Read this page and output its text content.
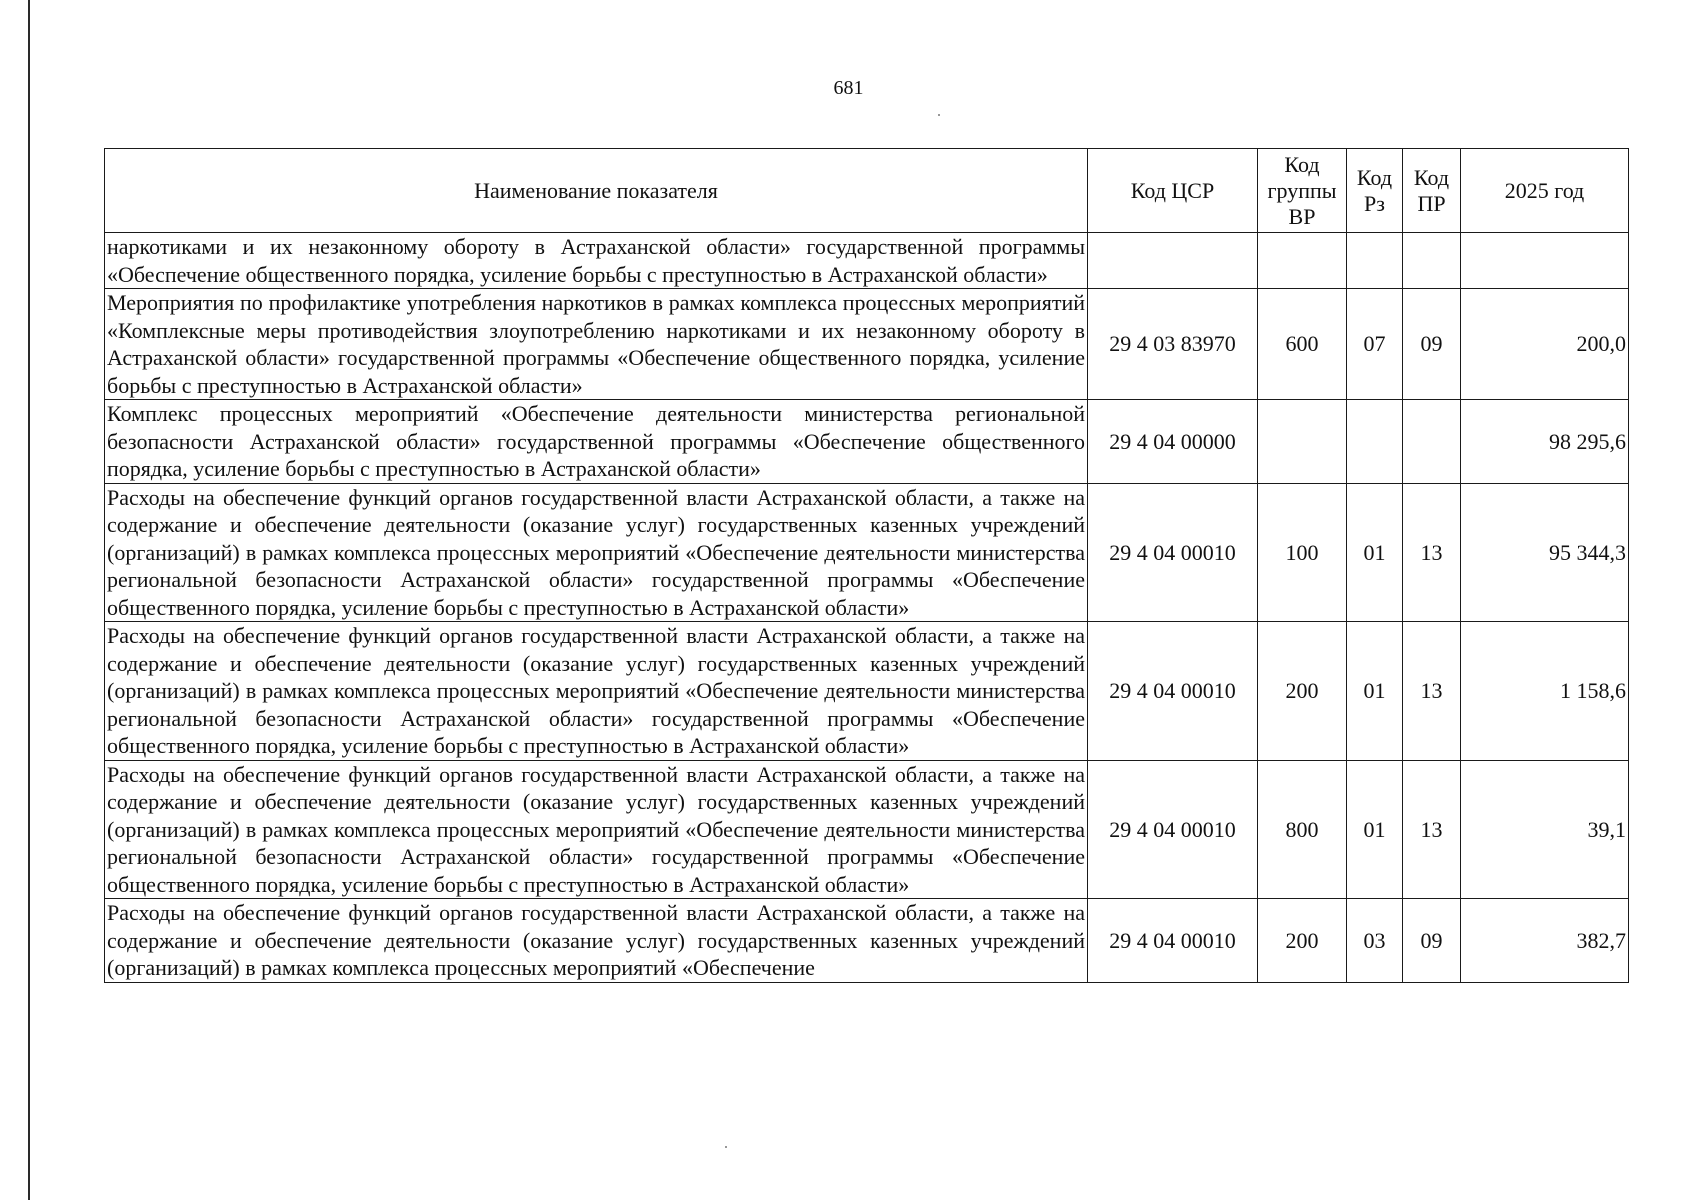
681
Наименование показателя	Код ЦСР	Код группы ВР	Код Рз	Код ПР	2025 год
наркотиками и их незаконному обороту в Астраханской области» государственной программы «Обеспечение общественного порядка, усиление борьбы с преступностью в Астраханской области»					
Мероприятия по профилактике употребления наркотиков в рамках комплекса процессных мероприятий «Комплексные меры противодействия злоупотреблению наркотиками и их незаконному обороту в Астраханской области» государственной программы «Обеспечение общественного порядка, усиление борьбы с преступностью в Астраханской области»	29 4 03 83970	600	07	09	200,0
Комплекс процессных мероприятий «Обеспечение деятельности министерства региональной безопасности Астраханской области» государственной программы «Обеспечение общественного порядка, усиление борьбы с преступностью в Астраханской области»	29 4 04 00000				98 295,6
Расходы на обеспечение функций органов государственной власти Астраханской области, а также на содержание и обеспечение деятельности (оказание услуг) государственных казенных учреждений (организаций) в рамках комплекса процессных мероприятий «Обеспечение деятельности министерства региональной безопасности Астраханской области» государственной программы «Обеспечение общественного порядка, усиление борьбы с преступностью в Астраханской области»	29 4 04 00010	100	01	13	95 344,3
Расходы на обеспечение функций органов государственной власти Астраханской области, а также на содержание и обеспечение деятельности (оказание услуг) государственных казенных учреждений (организаций) в рамках комплекса процессных мероприятий «Обеспечение деятельности министерства региональной безопасности Астраханской области» государственной программы «Обеспечение общественного порядка, усиление борьбы с преступностью в Астраханской области»	29 4 04 00010	200	01	13	1 158,6
Расходы на обеспечение функций органов государственной власти Астраханской области, а также на содержание и обеспечение деятельности (оказание услуг) государственных казенных учреждений (организаций) в рамках комплекса процессных мероприятий «Обеспечение деятельности министерства региональной безопасности Астраханской области» государственной программы «Обеспечение общественного порядка, усиление борьбы с преступностью в Астраханской области»	29 4 04 00010	800	01	13	39,1
Расходы на обеспечение функций органов государственной власти Астраханской области, а также на содержание и обеспечение деятельности (оказание услуг) государственных казенных учреждений (организаций) в рамках комплекса процессных мероприятий «Обеспечение	29 4 04 00010	200	03	09	382,7
